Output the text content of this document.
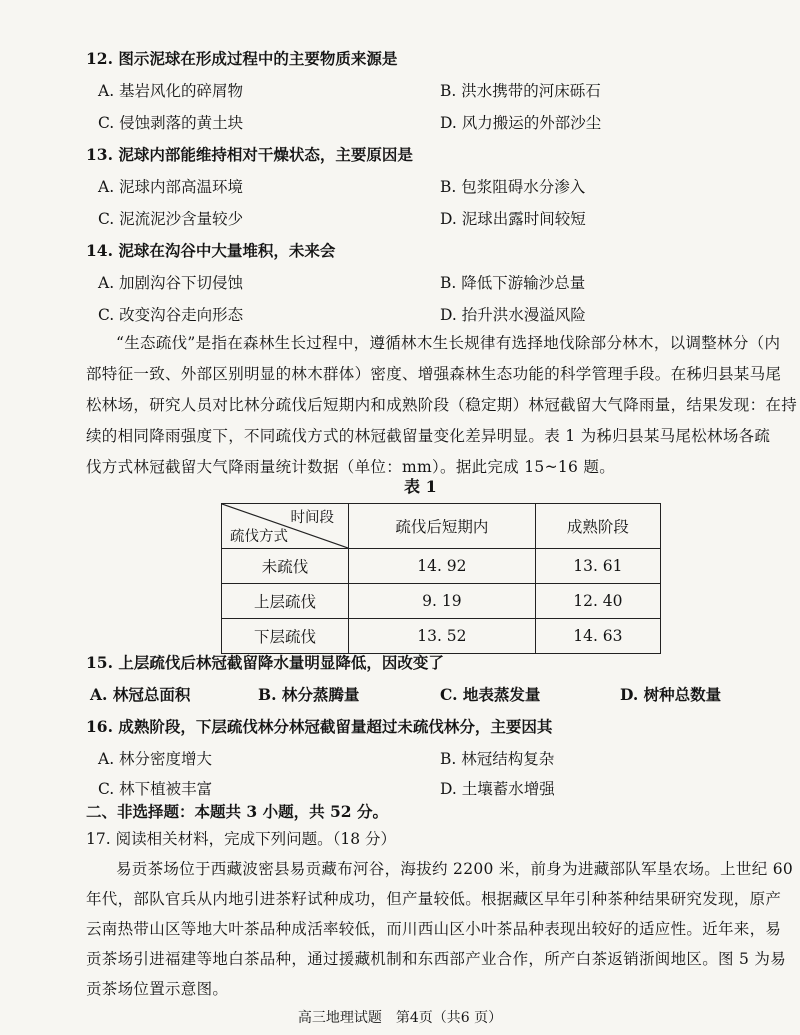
12. 图示泥球在形成过程中的主要物质来源是
A. 基岩风化的碎屑物	B. 洪水携带的河床砾石
C. 侵蚀剥落的黄土块	D. 风力搬运的外部沙尘
13. 泥球内部能维持相对干燥状态，主要原因是
A. 泥球内部高温环境	B. 包浆阻碍水分渗入
C. 泥流泥沙含量较少	D. 泥球出露时间较短
14. 泥球在沟谷中大量堆积，未来会
A. 加剧沟谷下切侵蚀	B. 降低下游输沙总量
C. 改变沟谷走向形态	D. 抬升洪水漫溢风险
“生态疏伐”是指在森林生长过程中，遵循林木生长规律有选择地伐除部分林木，以调整林分（内
部特征一致、外部区别明显的林木群体）密度、增强森林生态功能的科学管理手段。在秭归县某马尾
松林场，研究人员对比林分疏伐后短期内和成熟阶段（稳定期）林冠截留大气降雨量，结果发现：在持
续的相同降雨强度下，不同疏伐方式的林冠截留量变化差异明显。表 1 为秭归县某马尾松林场各疏
伐方式林冠截留大气降雨量统计数据（单位：mm）。据此完成 15~16 题。
表 1
时间段
疏伐方式	疏伐后短期内	成熟阶段
未疏伐	14. 92	13. 61
上层疏伐	9. 19	12. 40
下层疏伐	13. 52	14. 63
15. 上层疏伐后林冠截留降水量明显降低，因改变了
A. 林冠总面积	B. 林分蒸腾量	C. 地表蒸发量	D. 树种总数量
16. 成熟阶段，下层疏伐林分林冠截留量超过未疏伐林分，主要因其
A. 林分密度增大	B. 林冠结构复杂
C. 林下植被丰富	D. 土壤蓄水增强
二、非选择题：本题共 3 小题，共 52 分。
17. 阅读相关材料，完成下列问题。（18 分）
易贡茶场位于西藏波密县易贡藏布河谷，海拔约 2200 米，前身为进藏部队军垦农场。上世纪 60
年代，部队官兵从内地引进茶籽试种成功，但产量较低。根据藏区早年引种茶种结果研究发现，原产
云南热带山区等地大叶茶品种成活率较低，而川西山区小叶茶品种表现出较好的适应性。近年来，易
贡茶场引进福建等地白茶品种，通过援藏机制和东西部产业合作，所产白茶返销浙闽地区。图 5 为易
贡茶场位置示意图。
高三地理试题　第4页（共6 页）
